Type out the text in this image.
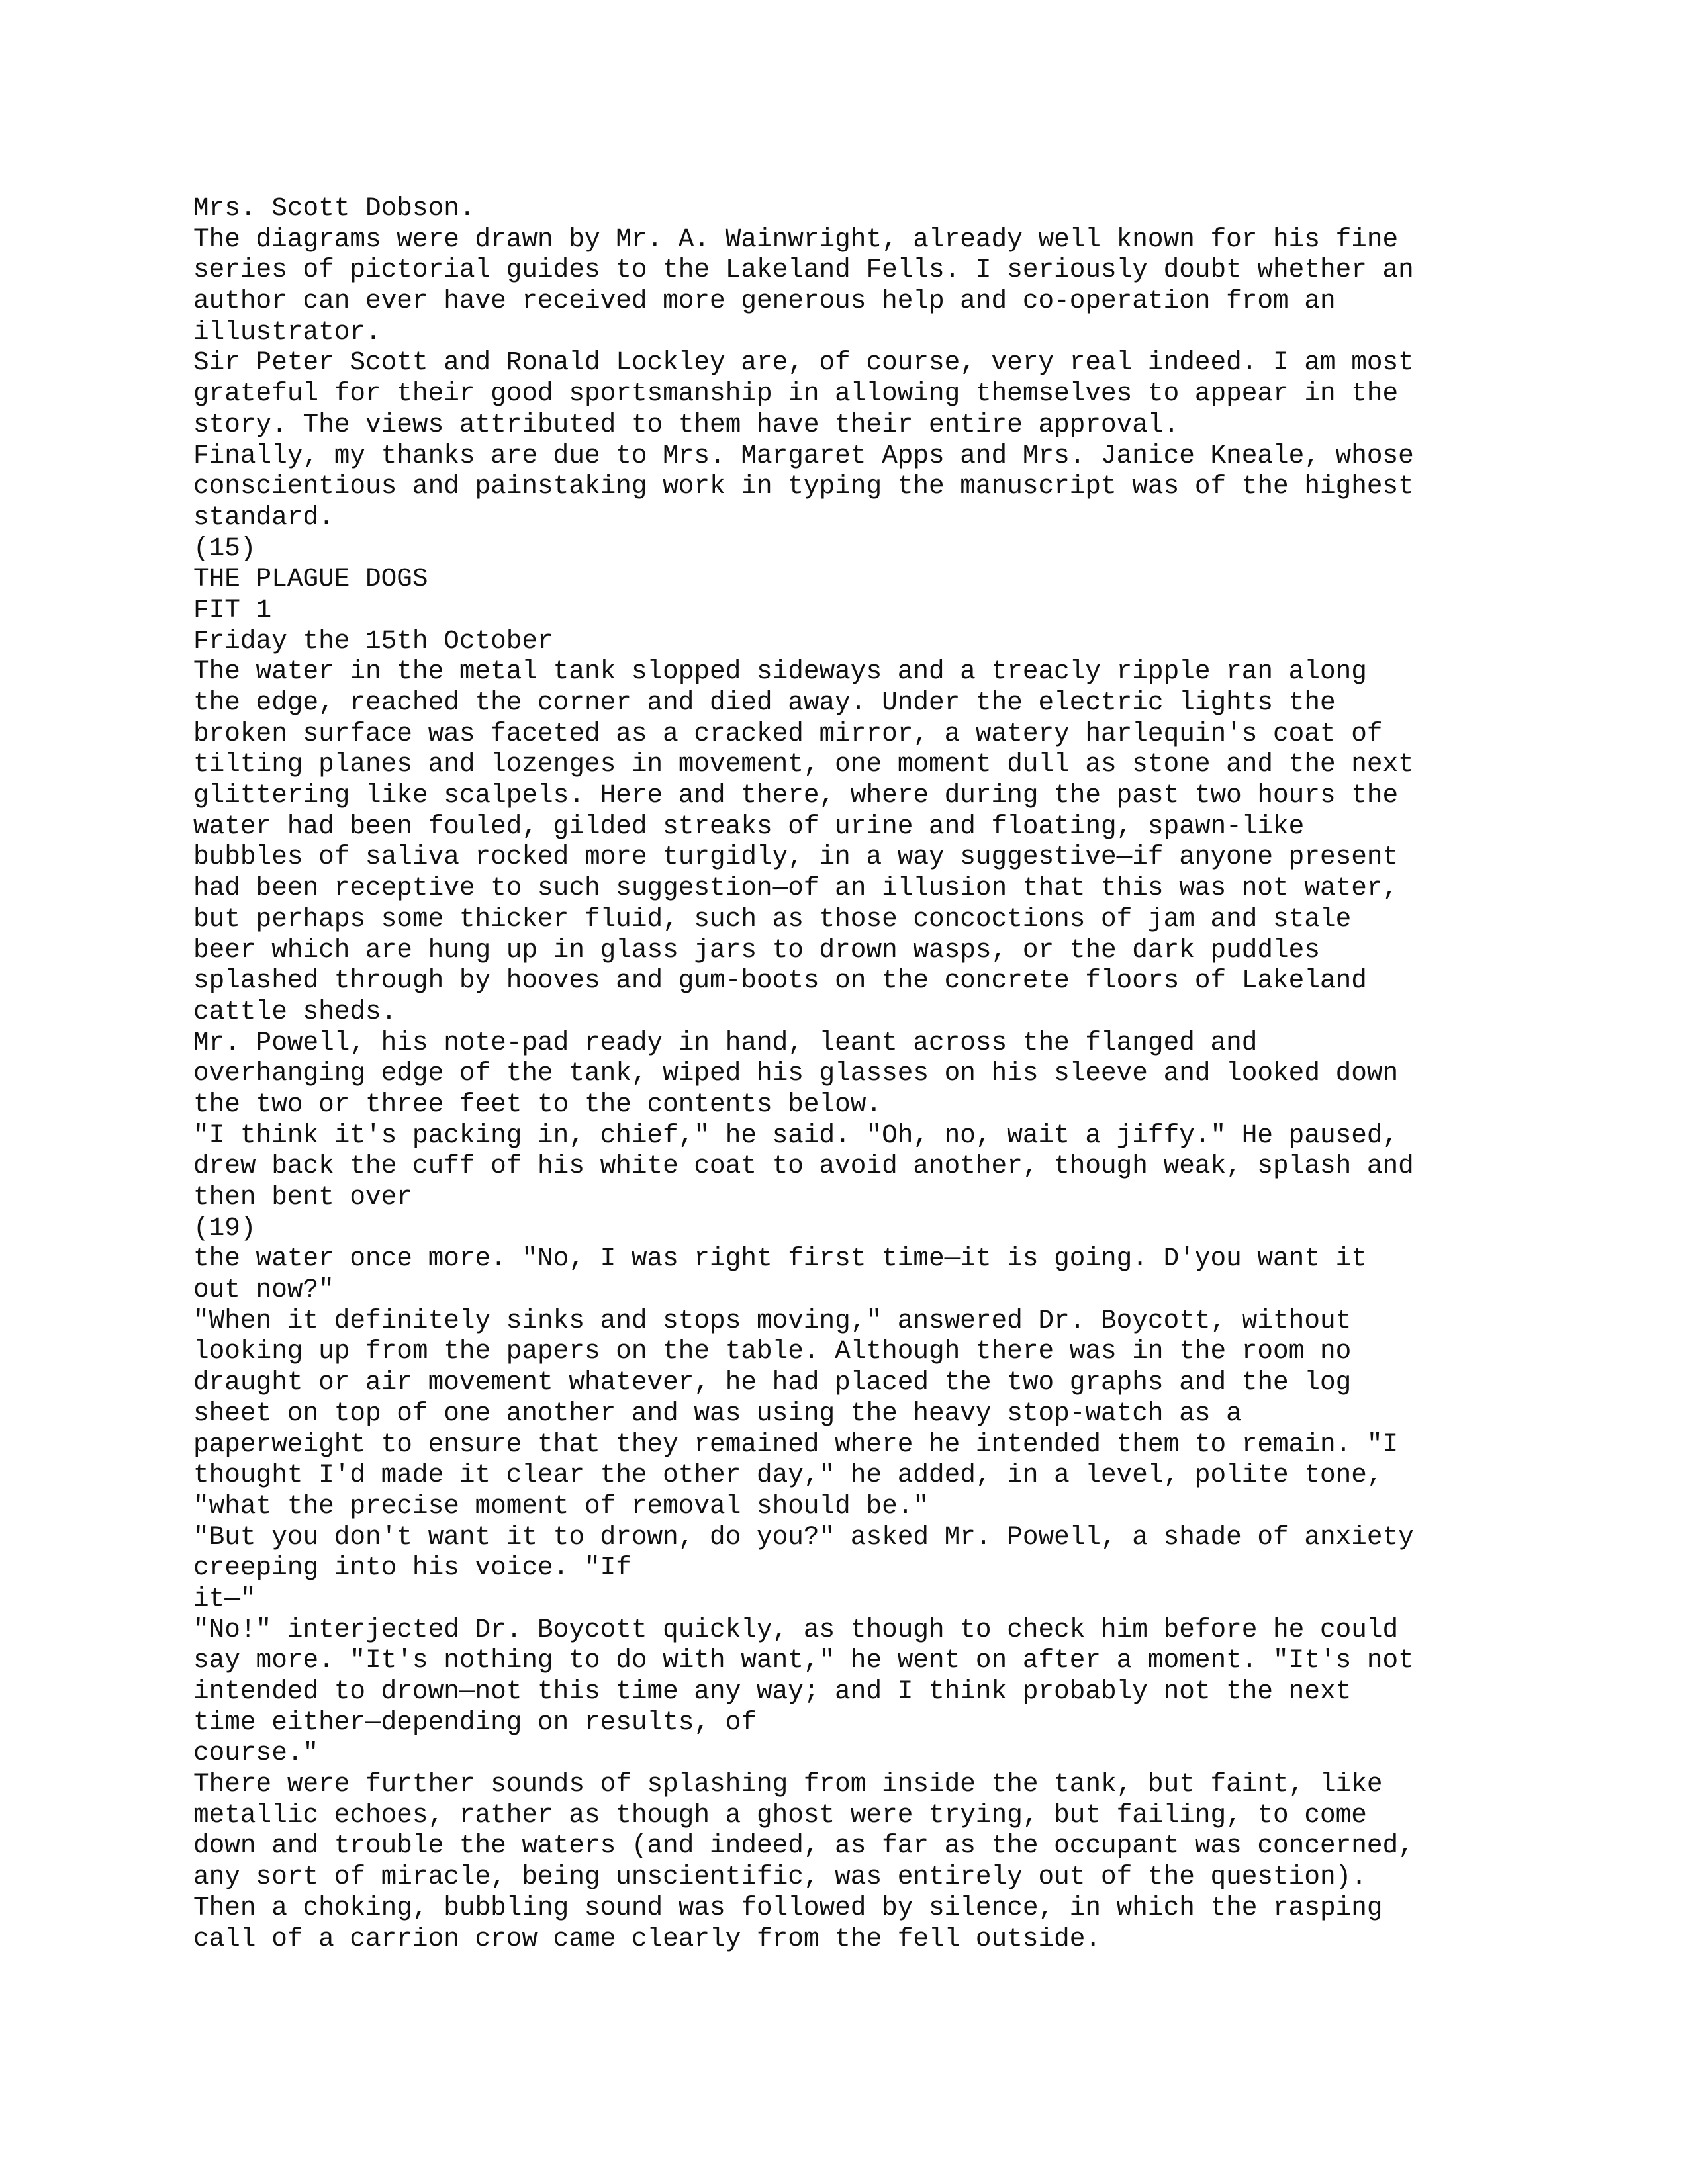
Mrs. Scott Dobson.
The diagrams were drawn by Mr. A. Wainwright, already well known for his fine
series of pictorial guides to the Lakeland Fells. I seriously doubt whether an
author can ever have received more generous help and co-operation from an
illustrator.
Sir Peter Scott and Ronald Lockley are, of course, very real indeed. I am most
grateful for their good sportsmanship in allowing themselves to appear in the
story. The views attributed to them have their entire approval.
Finally, my thanks are due to Mrs. Margaret Apps and Mrs. Janice Kneale, whose
conscientious and painstaking work in typing the manuscript was of the highest
standard.
(15)
THE PLAGUE DOGS
FIT 1
Friday the 15th October
The water in the metal tank slopped sideways and a treacly ripple ran along
the edge, reached the corner and died away. Under the electric lights the
broken surface was faceted as a cracked mirror, a watery harlequin's coat of
tilting planes and lozenges in movement, one moment dull as stone and the next
glittering like scalpels. Here and there, where during the past two hours the
water had been fouled, gilded streaks of urine and floating, spawn-like
bubbles of saliva rocked more turgidly, in a way suggestive—if anyone present
had been receptive to such suggestion—of an illusion that this was not water,
but perhaps some thicker fluid, such as those concoctions of jam and stale
beer which are hung up in glass jars to drown wasps, or the dark puddles
splashed through by hooves and gum-boots on the concrete floors of Lakeland
cattle sheds.
Mr. Powell, his note-pad ready in hand, leant across the flanged and
overhanging edge of the tank, wiped his glasses on his sleeve and looked down
the two or three feet to the contents below.
"I think it's packing in, chief," he said. "Oh, no, wait a jiffy." He paused,
drew back the cuff of his white coat to avoid another, though weak, splash and
then bent over
(19)
the water once more. "No, I was right first time—it is going. D'you want it
out now?"
"When it definitely sinks and stops moving," answered Dr. Boycott, without
looking up from the papers on the table. Although there was in the room no
draught or air movement whatever, he had placed the two graphs and the log
sheet on top of one another and was using the heavy stop-watch as a
paperweight to ensure that they remained where he intended them to remain. "I
thought I'd made it clear the other day," he added, in a level, polite tone,
"what the precise moment of removal should be."
"But you don't want it to drown, do you?" asked Mr. Powell, a shade of anxiety
creeping into his voice. "If
it—"
"No!" interjected Dr. Boycott quickly, as though to check him before he could
say more. "It's nothing to do with want," he went on after a moment. "It's not
intended to drown—not this time any way; and I think probably not the next
time either—depending on results, of
course."
There were further sounds of splashing from inside the tank, but faint, like
metallic echoes, rather as though a ghost were trying, but failing, to come
down and trouble the waters (and indeed, as far as the occupant was concerned,
any sort of miracle, being unscientific, was entirely out of the question).
Then a choking, bubbling sound was followed by silence, in which the rasping
call of a carrion crow came clearly from the fell outside.
